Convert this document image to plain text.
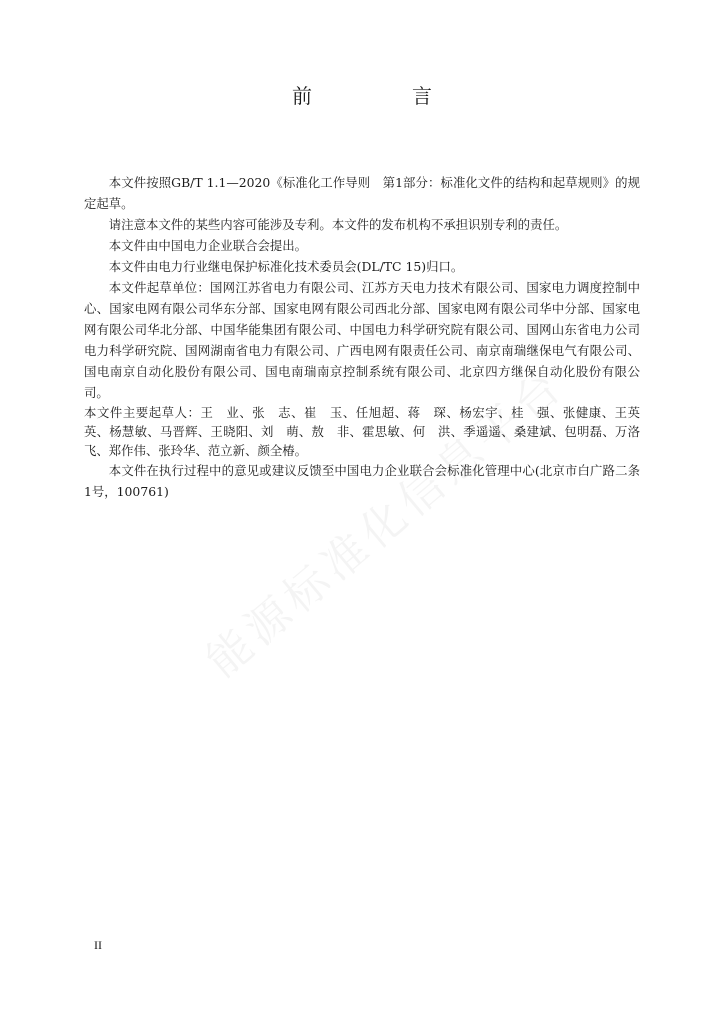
前　言

本文件按照GB/T 1.1—2020《标准化工作导则　第1部分：标准化文件的结构和起草规则》的规定起草。

请注意本文件的某些内容可能涉及专利。本文件的发布机构不承担识别专利的责任。

本文件由中国电力企业联合会提出。

本文件由电力行业继电保护标准化技术委员会(DL/TC 15)归口。

本文件起草单位：国网江苏省电力有限公司、江苏方天电力技术有限公司、国家电力调度控制中心、国家电网有限公司华东分部、国家电网有限公司西北分部、国家电网有限公司华中分部、国家电网有限公司华北分部、中国华能集团有限公司、中国电力科学研究院有限公司、国网山东省电力公司电力科学研究院、国网湖南省电力有限公司、广西电网有限责任公司、南京南瑞继保电气有限公司、国电南京自动化股份有限公司、国电南瑞南京控制系统有限公司、北京四方继保自动化股份有限公司。

本文件主要起草人：王　业、张　志、崔　玉、任旭超、蒋　琛、杨宏宇、桂　强、张健康、王英英、杨慧敏、马晋辉、王晓阳、刘　萌、敖　非、霍思敏、何　洪、季遥遥、桑建斌、包明磊、万洛飞、郑作伟、张玲华、范立新、颜全椿。

本文件在执行过程中的意见或建议反馈至中国电力企业联合会标准化管理中心(北京市白广路二条1号，100761)

II
